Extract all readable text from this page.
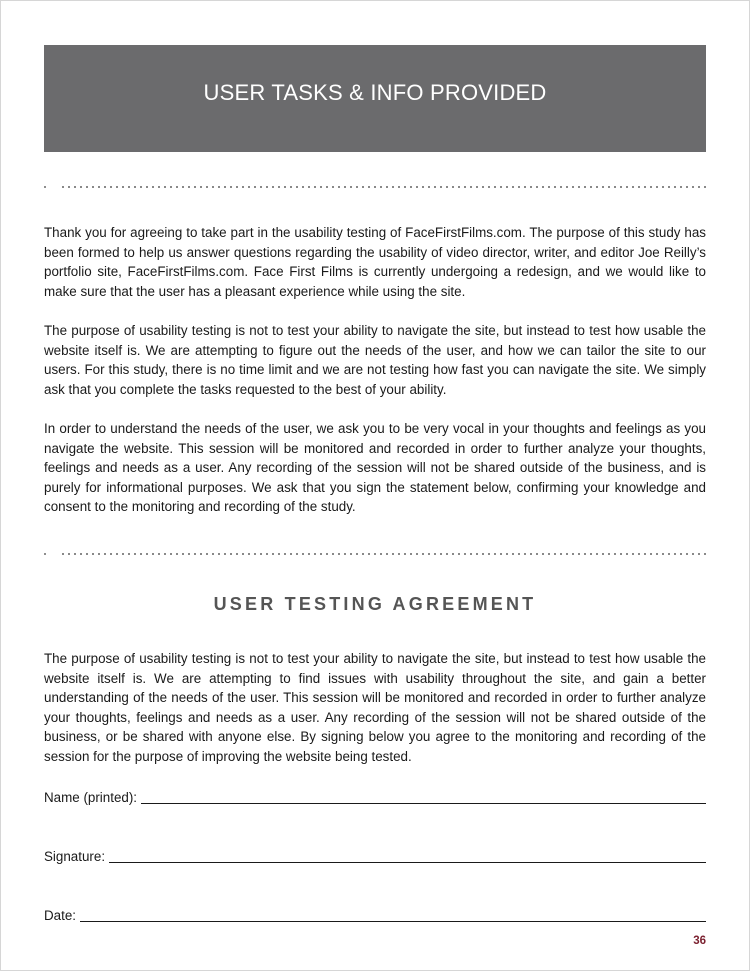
USER TASKS & INFO PROVIDED

Thank you for agreeing to take part in the usability testing of FaceFirstFilms.com. The purpose of this study has been formed to help us answer questions regarding the usability of video director, writer, and editor Joe Reilly’s portfolio site, FaceFirstFilms.com. Face First Films is currently undergoing a redesign, and we would like to make sure that the user has a pleasant experience while using the site.

The purpose of usability testing is not to test your ability to navigate the site, but instead to test how usable the website itself is. We are attempting to figure out the needs of the user, and how we can tailor the site to our users. For this study, there is no time limit and we are not testing how fast you can navigate the site. We simply ask that you complete the tasks requested to the best of your ability.

In order to understand the needs of the user, we ask you to be very vocal in your thoughts and feelings as you navigate the website. This session will be monitored and recorded in order to further analyze your thoughts, feelings and needs as a user. Any recording of the session will not be shared outside of the business, and is purely for informational purposes. We ask that you sign the statement below, confirming your knowledge and consent to the monitoring and recording of the study.

USER TESTING AGREEMENT

The purpose of usability testing is not to test your ability to navigate the site, but instead to test how usable the website itself is. We are attempting to find issues with usability throughout the site, and gain a better understanding of the needs of the user. This session will be monitored and recorded in order to further analyze your thoughts, feelings and needs as a user. Any recording of the session will not be shared outside of the business, or be shared with anyone else. By signing below you agree to the monitoring and recording of the session for the purpose of improving the website being tested.

Name (printed):
Signature:
Date:
36
